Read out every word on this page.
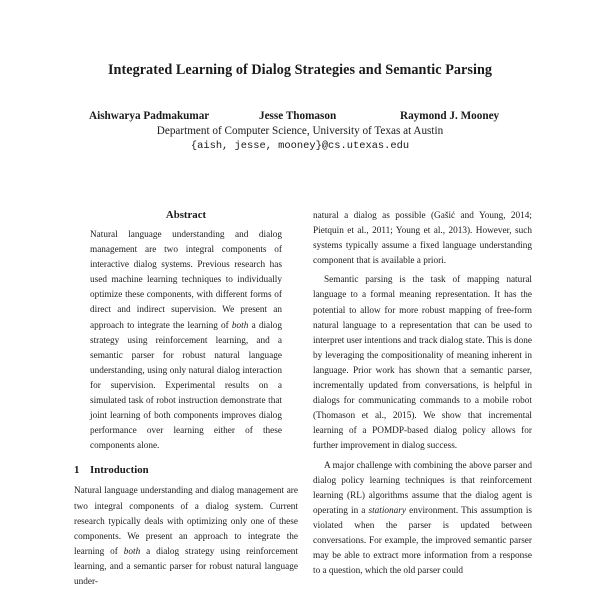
Integrated Learning of Dialog Strategies and Semantic Parsing
Aishwarya Padmakumar	Jesse Thomason	Raymond J. Mooney
Department of Computer Science, University of Texas at Austin
{aish, jesse, mooney}@cs.utexas.edu
Abstract
Natural language understanding and dialog management are two integral components of interactive dialog systems. Previous research has used machine learning techniques to individually optimize these components, with different forms of direct and indirect supervision. We present an approach to integrate the learning of both a dialog strategy using reinforcement learning, and a semantic parser for robust natural language understanding, using only natural dialog interaction for supervision. Experimental results on a simulated task of robot instruction demonstrate that joint learning of both components improves dialog performance over learning either of these components alone.
1 Introduction

Natural language understanding and dialog management are two integral components of a dialog system. Current research typically deals with optimizing only one of these components. We present an approach to integrate the learning of both a dialog strategy using reinforcement learning, and a semantic parser for robust natural language under-

natural a dialog as possible (Gašić and Young, 2014; Pietquin et al., 2011; Young et al., 2013). However, such systems typically assume a fixed language understanding component that is available a priori.

Semantic parsing is the task of mapping natural language to a formal meaning representation. It has the potential to allow for more robust mapping of free-form natural language to a representation that can be used to interpret user intentions and track dialog state. This is done by leveraging the compositionality of meaning inherent in language. Prior work has shown that a semantic parser, incrementally updated from conversations, is helpful in dialogs for communicating commands to a mobile robot (Thomason et al., 2015). We show that incremental learning of a POMDP-based dialog policy allows for further improvement in dialog success.

A major challenge with combining the above parser and dialog policy learning techniques is that reinforcement learning (RL) algorithms assume that the dialog agent is operating in a stationary environment. This assumption is violated when the parser is updated between conversations. For example, the improved semantic parser may be able to extract more information from a response to a question, which the old parser could
